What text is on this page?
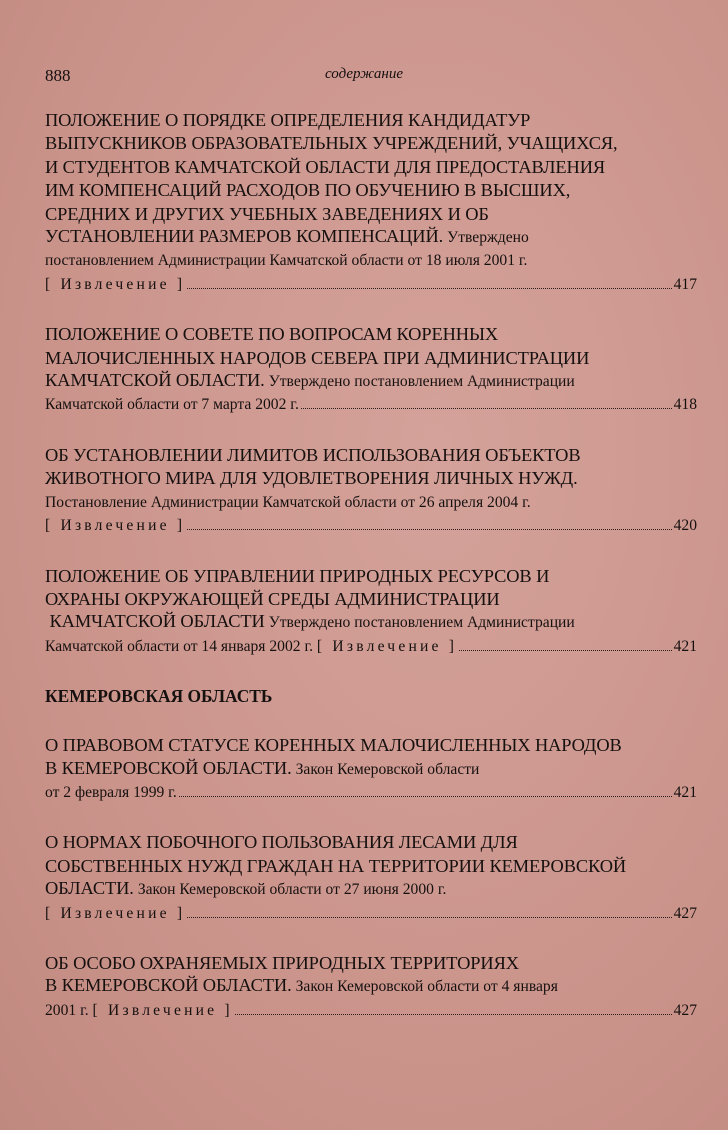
888	содержание
ПОЛОЖЕНИЕ О ПОРЯДКЕ ОПРЕДЕЛЕНИЯ КАНДИДАТУР
ВЫПУСКНИКОВ ОБРАЗОВАТЕЛЬНЫХ УЧРЕЖДЕНИЙ, УЧАЩИХСЯ,
И СТУДЕНТОВ КАМЧАТСКОЙ ОБЛАСТИ ДЛЯ ПРЕДОСТАВЛЕНИЯ
ИМ КОМПЕНСАЦИЙ РАСХОДОВ ПО ОБУЧЕНИЮ В ВЫСШИХ,
СРЕДНИХ И ДРУГИХ УЧЕБНЫХ ЗАВЕДЕНИЯХ И ОБ
УСТАНОВЛЕНИИ РАЗМЕРОВ КОМПЕНСАЦИЙ. Утверждено
постановлением Администрации Камчатской области от 18 июля 2001 г.
[ Извлечение ]	417
ПОЛОЖЕНИЕ О СОВЕТЕ ПО ВОПРОСАМ КОРЕННЫХ
МАЛОЧИСЛЕННЫХ НАРОДОВ СЕВЕРА ПРИ АДМИНИСТРАЦИИ
КАМЧАТСКОЙ ОБЛАСТИ. Утверждено постановлением Администрации
Камчатской области от 7 марта 2002 г.	418
ОБ УСТАНОВЛЕНИИ ЛИМИТОВ ИСПОЛЬЗОВАНИЯ ОБЪЕКТОВ
ЖИВОТНОГО МИРА ДЛЯ УДОВЛЕТВОРЕНИЯ ЛИЧНЫХ НУЖД.
Постановление Администрации Камчатской области от 26 апреля 2004 г.
[ Извлечение ]	420
ПОЛОЖЕНИЕ ОБ УПРАВЛЕНИИ ПРИРОДНЫХ РЕСУРСОВ И
ОХРАНЫ ОКРУЖАЮЩЕЙ СРЕДЫ АДМИНИСТРАЦИИ
КАМЧАТСКОЙ ОБЛАСТИ Утверждено постановлением Администрации
Камчатской области от 14 января 2002 г.
[ Извлечение ]	421
КЕМЕРОВСКАЯ ОБЛАСТЬ
О ПРАВОВОМ СТАТУСЕ КОРЕННЫХ МАЛОЧИСЛЕННЫХ НАРОДОВ
В КЕМЕРОВСКОЙ ОБЛАСТИ. Закон Кемеровской области
от 2 февраля 1999 г.	421
О НОРМАХ ПОБОЧНОГО ПОЛЬЗОВАНИЯ ЛЕСАМИ ДЛЯ
СОБСТВЕННЫХ НУЖД ГРАЖДАН НА ТЕРРИТОРИИ КЕМЕРОВСКОЙ
ОБЛАСТИ. Закон Кемеровской области от 27 июня 2000 г.
[ Извлечение ]	427
ОБ ОСОБО ОХРАНЯЕМЫХ ПРИРОДНЫХ ТЕРРИТОРИЯХ
В КЕМЕРОВСКОЙ ОБЛАСТИ. Закон Кемеровской области от 4 января
2001 г.
[ Извлечение ]	427
